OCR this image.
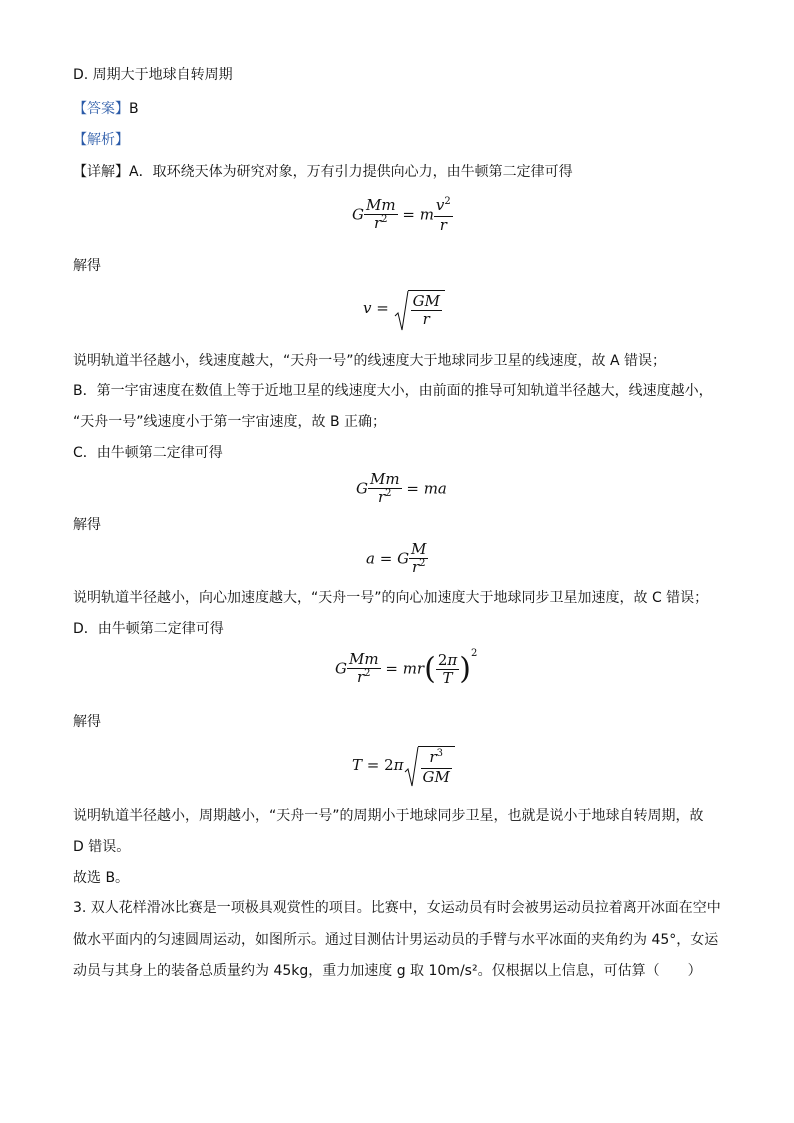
D. 周期大于地球自转周期
【答案】B
【解析】
【详解】A．取环绕天体为研究对象，万有引力提供向心力，由牛顿第二定律可得
G $\frac{Mm}{r^2} = m \frac{v^2}{r}$
解得
$v = \frac{GM}{r}$
说明轨道半径越小，线速度越大，“天舟一号”的线速度大于地球同步卫星的线速度，故 A 错误；
B．第一宇宙速度在数值上等于近地卫星的线速度大小，由前面的推导可知轨道半径越大，线速度越小，
“天舟一号”线速度小于第一宇宙速度，故 B 正确；
C．由牛顿第二定律可得
G $\frac{Mm}{r^2}$ = ma
解得
a = G $\frac{M}{r^2}$
说明轨道半径越小，向心加速度越大，“天舟一号”的向心加速度大于地球同步卫星加速度，故 C 错误；
D．由牛顿第二定律可得
G $\frac{Mm}{r^2} = mr( \frac{2\pi}{T} )^2$
解得
$T = 2\pi \frac{r^3}{GM}$
说明轨道半径越小，周期越小，“天舟一号”的周期小于地球同步卫星，也就是说小于地球自转周期，故
D 错误。
故选 B。
3. 双人花样滑冰比赛是一项极具观赏性的项目。比赛中，女运动员有时会被男运动员拉着离开冰面在空中
做水平面内的匀速圆周运动，如图所示。通过目测估计男运动员的手臂与水平冰面的夹角约为 45°，女运
动员与其身上的装备总质量约为 45kg，重力加速度 g 取 10m/s²。仅根据以上信息，可估算（　　）
